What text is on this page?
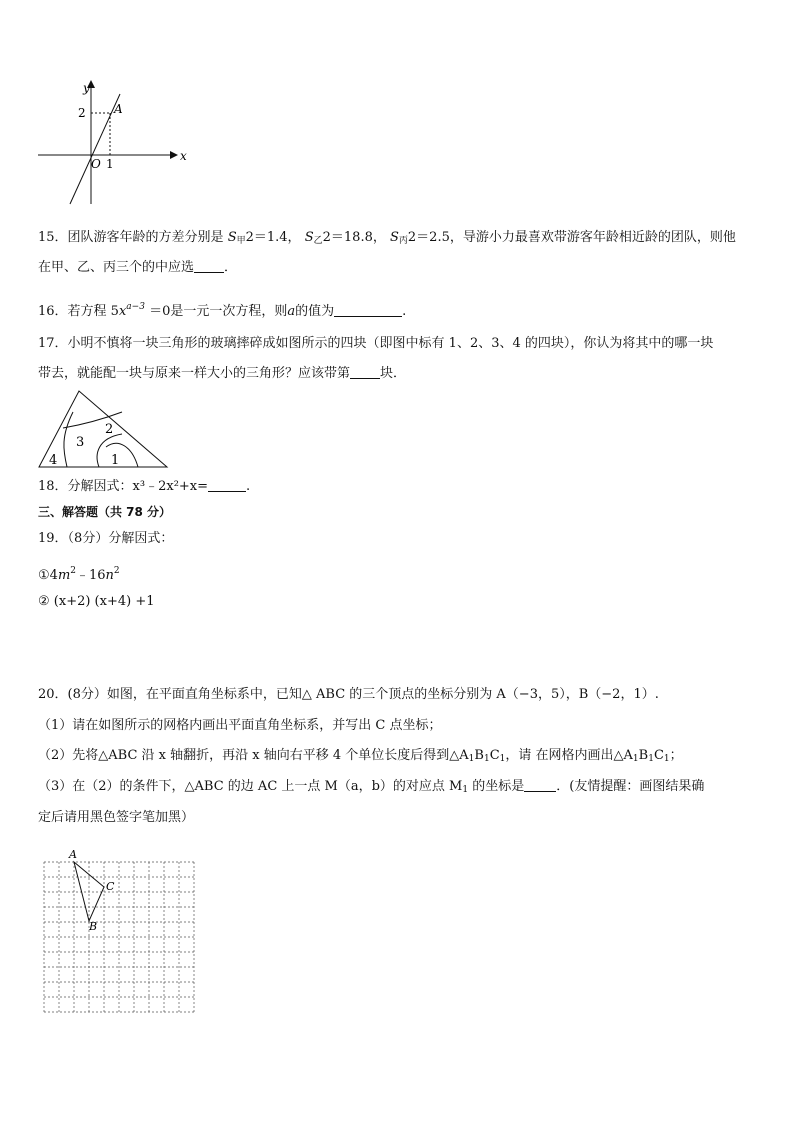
y
x
O
2
1
A
15．团队游客年龄的方差分别是 $S_甲2=1.4$， $S_乙2=18.8$， $S_丙2=2.5$，导游小力最喜欢带游客年龄相近龄的团队，则他
在甲、乙、丙三个的中应选 ．
16．若方程 $5x^{a-3} =0$是一元一次方程，则a的值为	.
17．小明不慎将一块三角形的玻璃摔碎成如图所示的四块（即图中标有 1、2、3、4 的四块），你认为将其中的哪一块
带去，就能配一块与原来一样大小的三角形？应该带第 块．
1
2
3
4
18．分解因式：x³﹣2x²+x=	.
三、解答题（共 78 分）
19．（8分）分解因式：
$①4m^2﹣16n^2$
② (x+2) (x+4) +1
20．(8分）如图，在平面直角坐标系中，已知△ ABC 的三个顶点的坐标分别为 A（−3，5），B（−2，1）.
（1）请在如图所示的网格内画出平面直角坐标系，并写出 C 点坐标；
（2）先将△ABC 沿 x 轴翻折，再沿 x 轴向右平移 4 个单位长度后得到$\triangle A_1B_1C_1$，请 在网格内画出$\triangle A_1B_1C_1$；
（3）在（2）的条件下，△ABC 的边 AC 上一点 M（a，b）的对应点 $M_1$ 的坐标是 ．(友情提醒：画图结果确
定后请用黑色签字笔加黑）
A
C
B
